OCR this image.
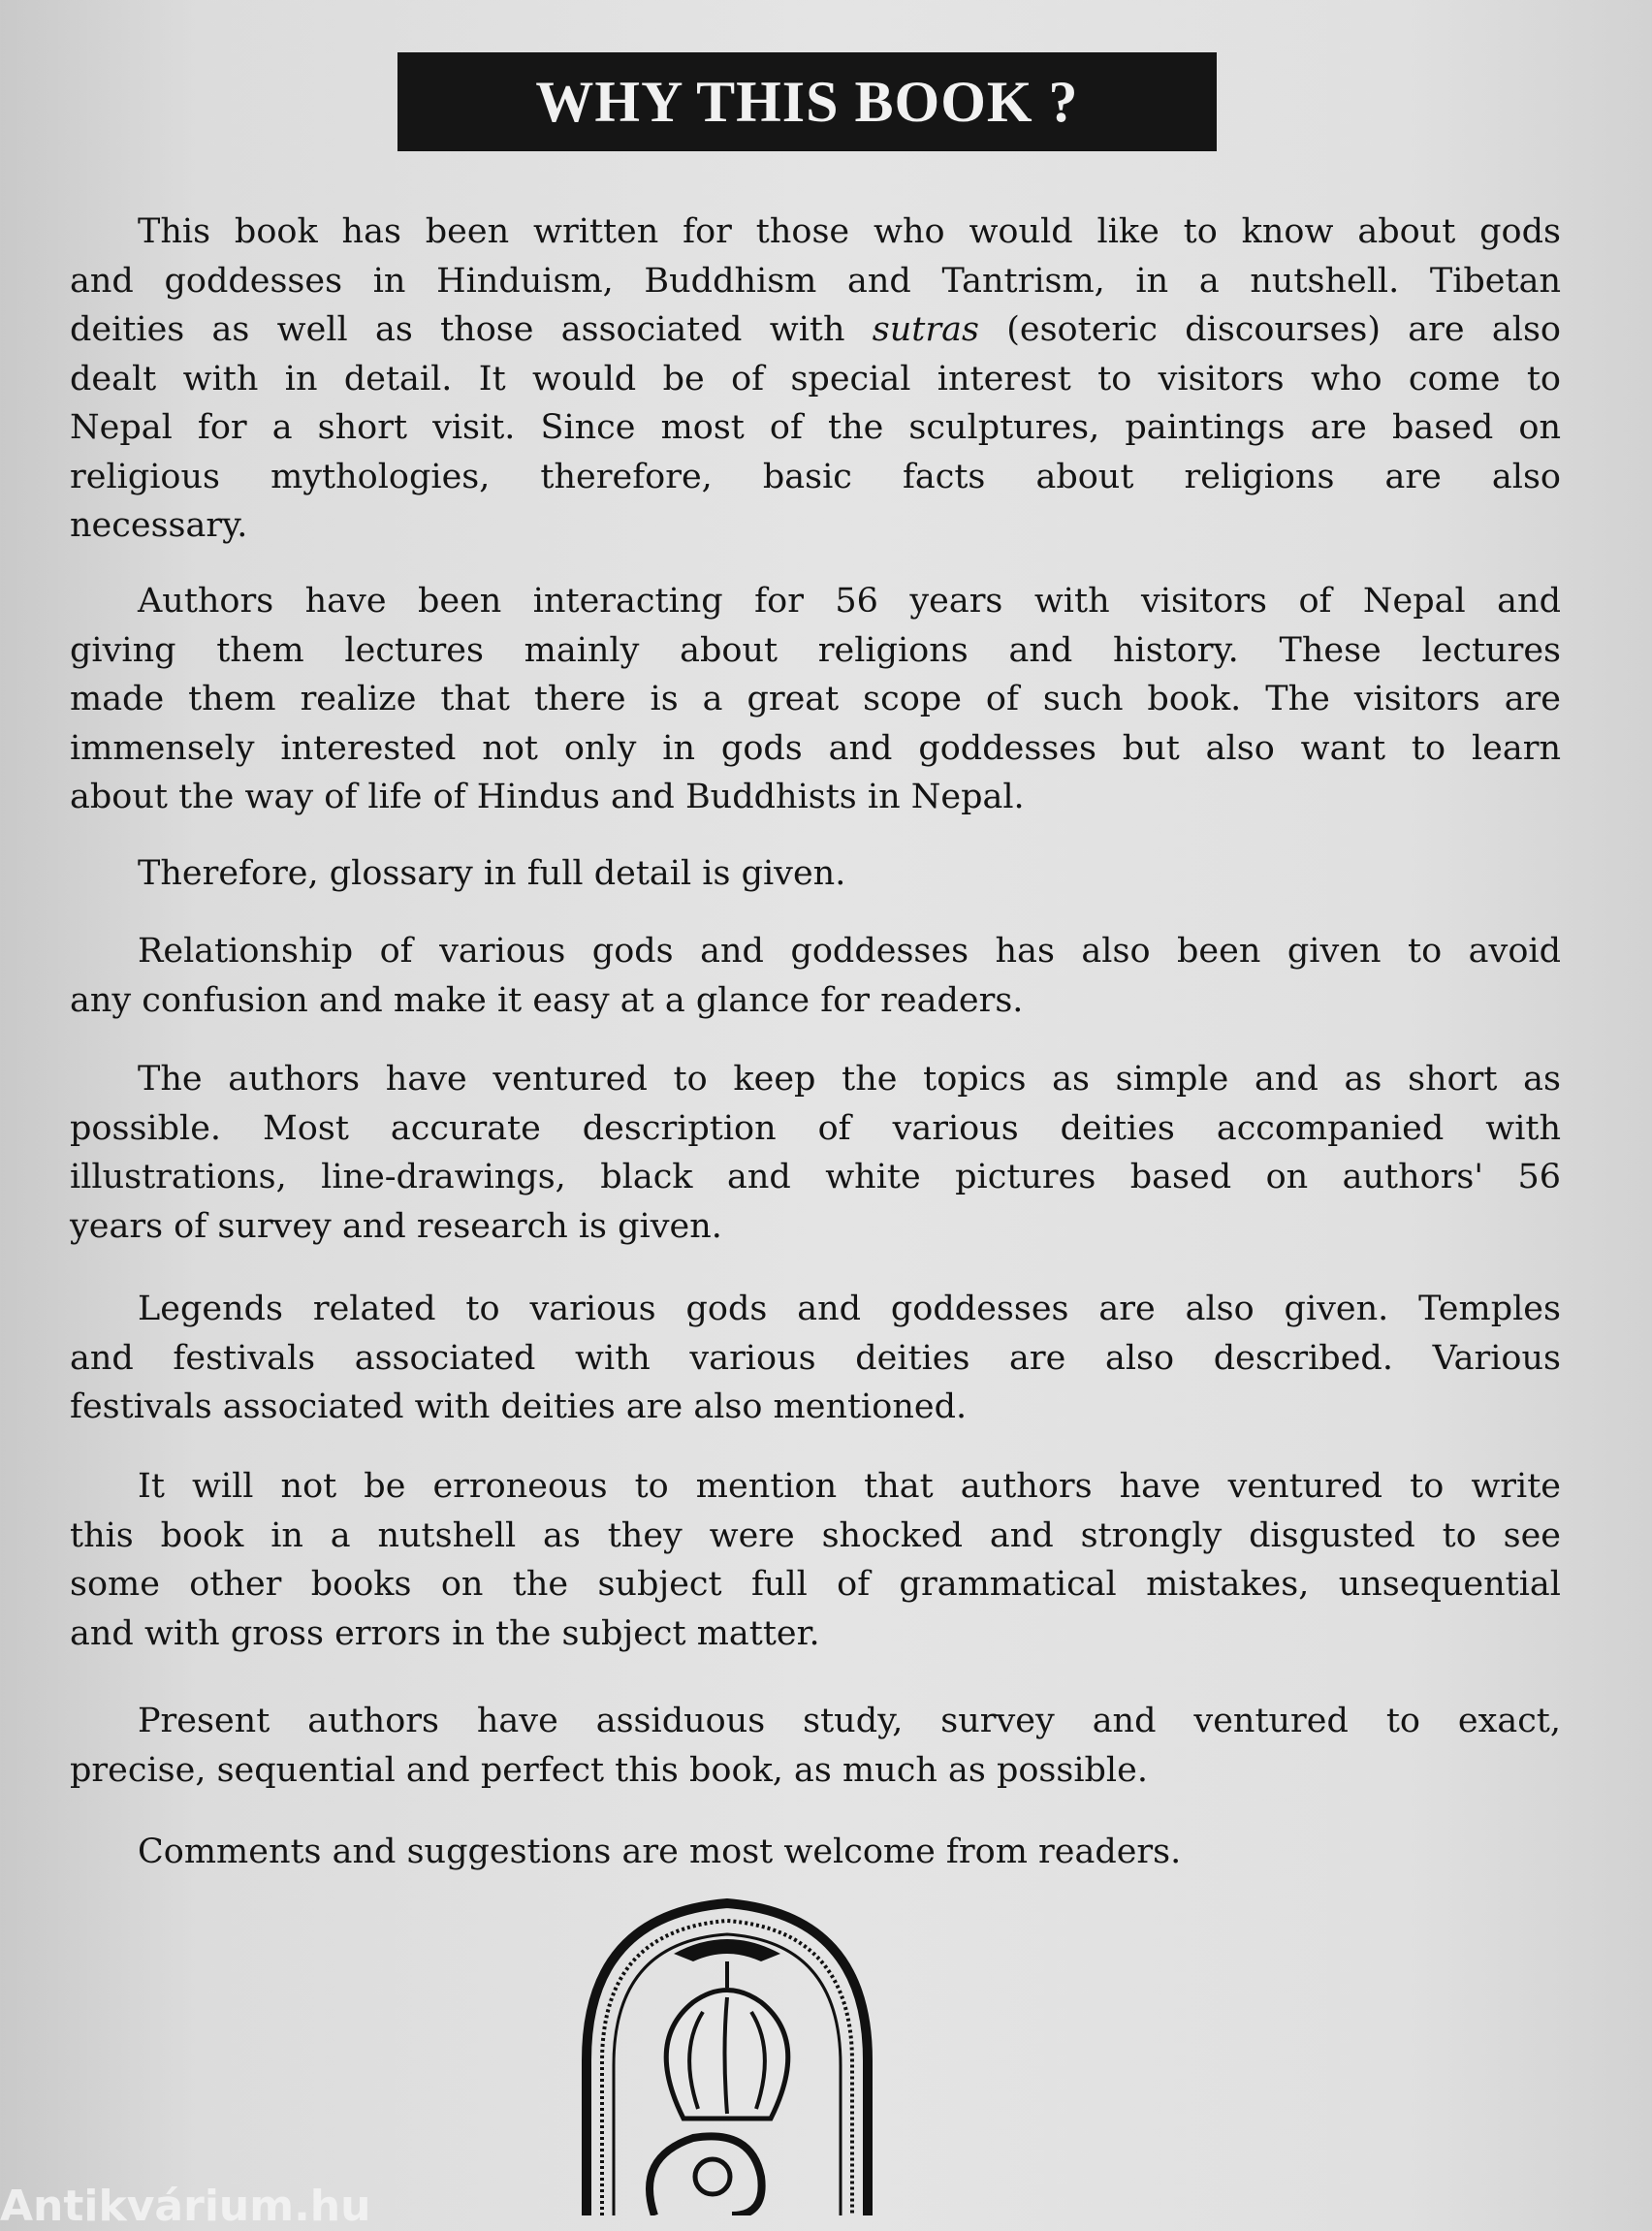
WHY THIS BOOK ?
This book has been written for those who would like to know about gods
and goddesses in Hinduism, Buddhism and Tantrism, in a nutshell. Tibetan
deities as well as those associated with sutras (esoteric discourses) are also
dealt with in detail. It would be of special interest to visitors who come to
Nepal for a short visit. Since most of the sculptures, paintings are based on
religious mythologies, therefore, basic facts about religions are also
necessary.
Authors have been interacting for 56 years with visitors of Nepal and
giving them lectures mainly about religions and history. These lectures
made them realize that there is a great scope of such book. The visitors are
immensely interested not only in gods and goddesses but also want to learn
about the way of life of Hindus and Buddhists in Nepal.
Therefore, glossary in full detail is given.
Relationship of various gods and goddesses has also been given to avoid
any confusion and make it easy at a glance for readers.
The authors have ventured to keep the topics as simple and as short as
possible. Most accurate description of various deities accompanied with
illustrations, line-drawings, black and white pictures based on authors' 56
years of survey and research is given.
Legends related to various gods and goddesses are also given. Temples
and festivals associated with various deities are also described. Various
festivals associated with deities are also mentioned.
It will not be erroneous to mention that authors have ventured to write
this book in a nutshell as they were shocked and strongly disgusted to see
some other books on the subject full of grammatical mistakes, unsequential
and with gross errors in the subject matter.
Present authors have assiduous study, survey and ventured to exact,
precise, sequential and perfect this book, as much as possible.
Comments and suggestions are most welcome from readers.
Antikvárium.hu
